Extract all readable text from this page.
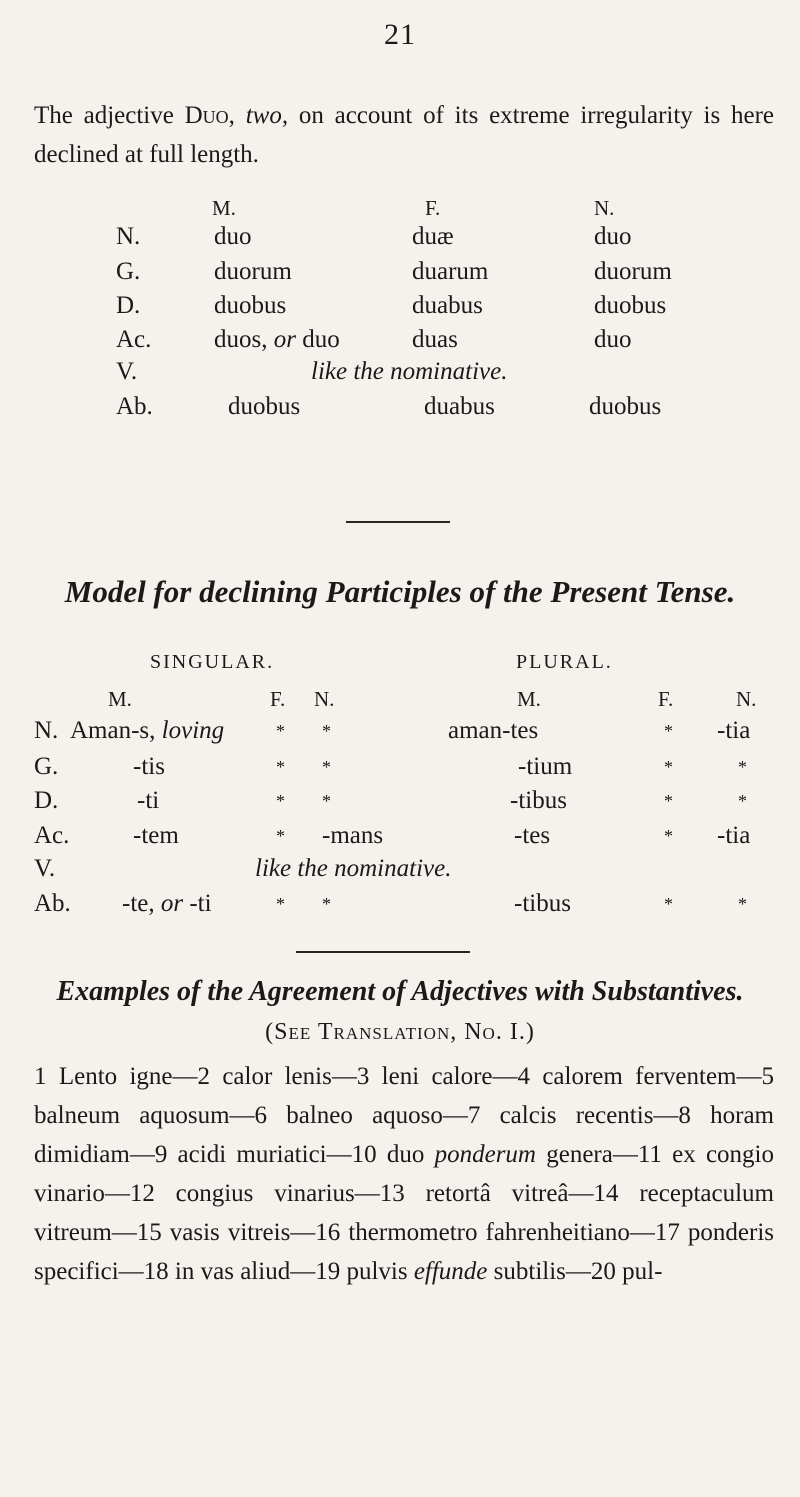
21
The adjective Duo, two, on account of its extreme irregularity is here declined at full length.
M.	F.	N.
N.	duo	duæ	duo
G.	duorum	duarum	duorum
D.	duobus	duabus	duobus
Ac.	duos, or duo	duas	duo
V.	like the nominative.
Ab.	duobus	duabus	duobus
Model for declining Participles of the Present Tense.
SINGULAR.	PLURAL.
M.	F. N.	M.	F.	N.
N. Aman-s, loving	* *	aman-tes	* -tia
G.	-tis	* *	-tium	*	*
D.	-ti	* *	-tibus	*	*
Ac.	-tem	* -mans	-tes	* -tia
V.	like the nominative.
Ab. -te, or -ti	* *	-tibus	*	*
Examples of the Agreement of Adjectives with Substantives.
(See Translation, No. I.)
1 Lento igne—2 calor lenis—3 leni calore—4 calorem ferventem—5 balneum aquosum—6 balneo aquoso—7 calcis recentis—8 horam dimidiam—9 acidi muriatici—10 duo ponderum genera—11 ex congio vinario—12 congius vinarius—13 retortâ vitreâ—14 receptaculum vitreum—15 vasis vitreis—16 thermometro fahrenheitiano—17 ponderis specifici—18 in vas aliud—19 pulvis effunde subtilis—20 pul-
